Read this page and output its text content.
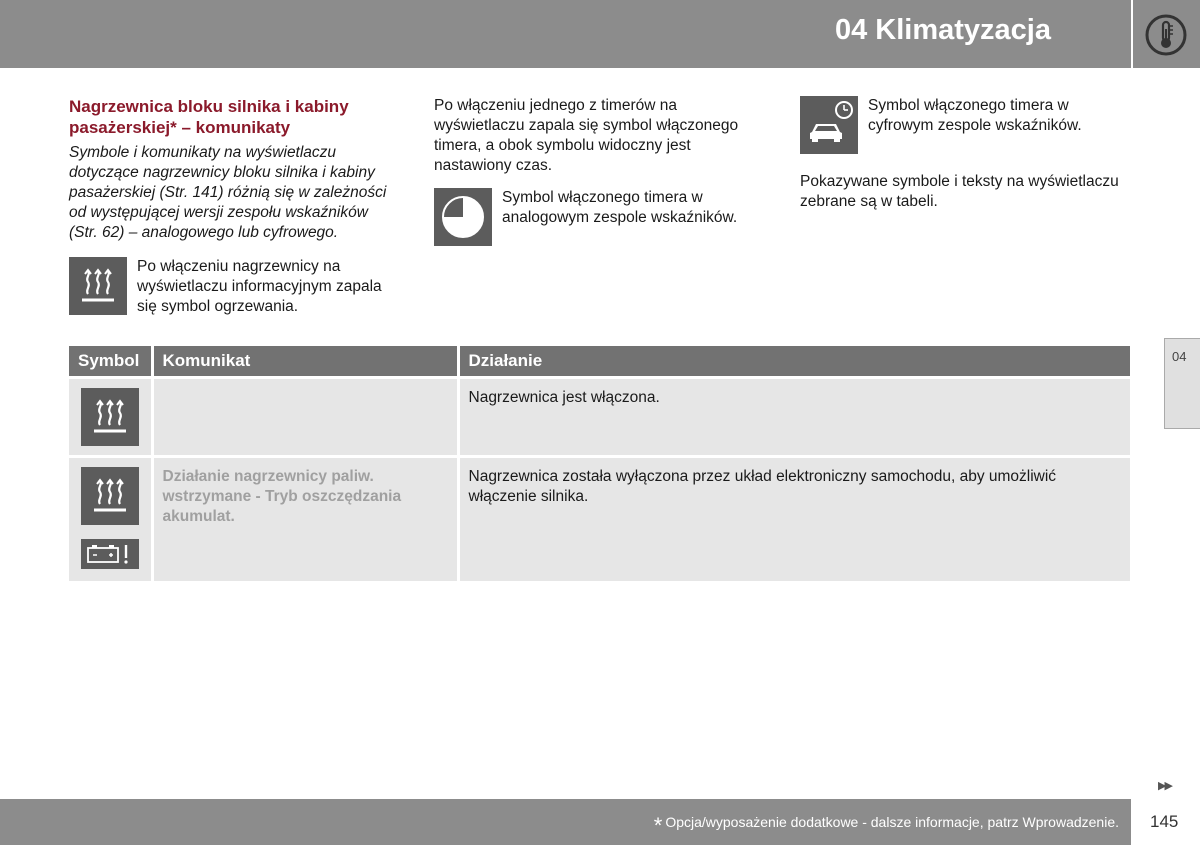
04 Klimatyzacja
Nagrzewnica bloku silnika i kabiny pasażerskiej* – komunikaty
Symbole i komunikaty na wyświetlaczu dotyczące nagrzewnicy bloku silnika i kabiny pasażerskiej (Str. 141) różnią się w zależności od występującej wersji zespołu wskaźników (Str. 62) – analogowego lub cyfrowego.
Po włączeniu nagrzewnicy na wyświetlaczu informacyjnym zapala się symbol ogrzewania.
Po włączeniu jednego z timerów na wyświetlaczu zapala się symbol włączonego timera, a obok symbolu widoczny jest nastawiony czas.
Symbol włączonego timera w analogowym zespole wskaźników.
Symbol włączonego timera w cyfrowym zespole wskaźników.
Pokazywane symbole i teksty na wyświetlaczu zebrane są w tabeli.
Symbol	Komunikat	Działanie

		Nagrzewnica jest włączona.

	Działanie nagrzewnicy paliw. wstrzymane - Tryb oszczędzania akumulat.	Nagrzewnica została wyłączona przez układ elektroniczny samochodu, aby umożliwić włączenie silnika.
04
▶▶
* Opcja/wyposażenie dodatkowe - dalsze informacje, patrz Wprowadzenie. 145
